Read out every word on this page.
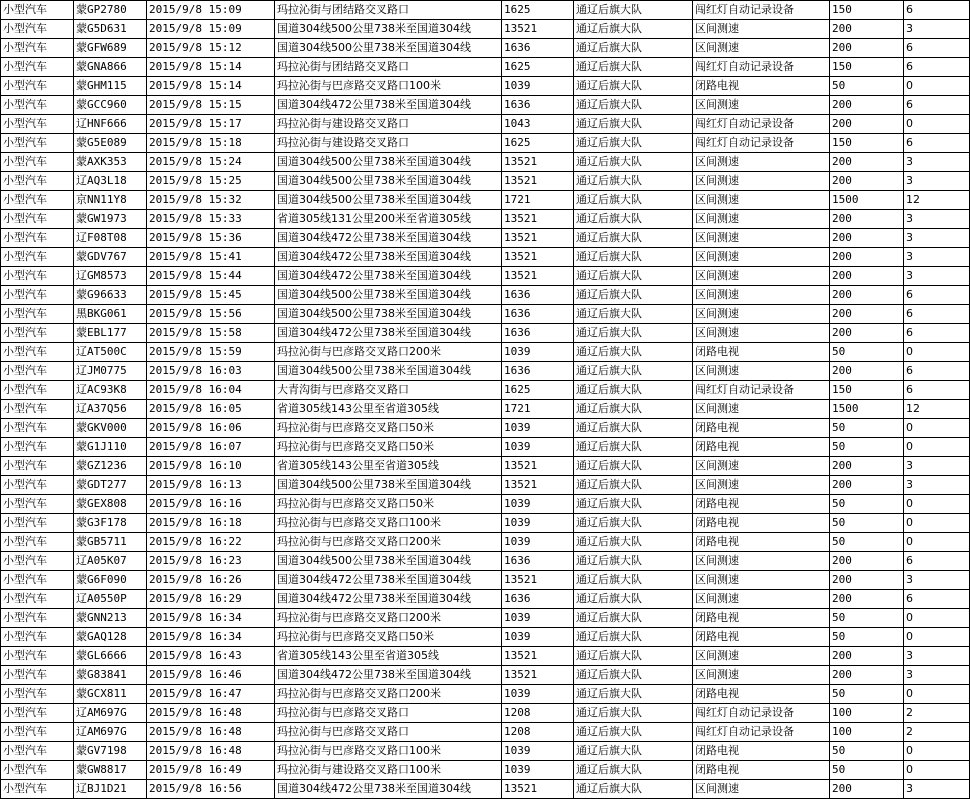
小型汽车	蒙GP2780	2015/9/8 15:09	玛拉沁街与团结路交叉路口	1625	通辽后旗大队	闯红灯自动记录设备	150	6
小型汽车	蒙G5D631	2015/9/8 15:09	国道304线500公里738米至国道304线	13521	通辽后旗大队	区间测速	200	3
小型汽车	蒙GFW689	2015/9/8 15:12	国道304线500公里738米至国道304线	1636	通辽后旗大队	区间测速	200	6
小型汽车	蒙GNA866	2015/9/8 15:14	玛拉沁街与团结路交叉路口	1625	通辽后旗大队	闯红灯自动记录设备	150	6
小型汽车	蒙GHM115	2015/9/8 15:14	玛拉沁街与巴彦路交叉路口100米	1039	通辽后旗大队	闭路电视	50	0
小型汽车	蒙GCC960	2015/9/8 15:15	国道304线472公里738米至国道304线	1636	通辽后旗大队	区间测速	200	6
小型汽车	辽HNF666	2015/9/8 15:17	玛拉沁街与建设路交叉路口	1043	通辽后旗大队	闯红灯自动记录设备	200	0
小型汽车	蒙G5E089	2015/9/8 15:18	玛拉沁街与建设路交叉路口	1625	通辽后旗大队	闯红灯自动记录设备	150	6
小型汽车	蒙AXK353	2015/9/8 15:24	国道304线500公里738米至国道304线	13521	通辽后旗大队	区间测速	200	3
小型汽车	辽AQ3L18	2015/9/8 15:25	国道304线500公里738米至国道304线	13521	通辽后旗大队	区间测速	200	3
小型汽车	京NN11Y8	2015/9/8 15:32	国道304线500公里738米至国道304线	1721	通辽后旗大队	区间测速	1500	12
小型汽车	蒙GW1973	2015/9/8 15:33	省道305线131公里200米至省道305线	13521	通辽后旗大队	区间测速	200	3
小型汽车	辽F08T08	2015/9/8 15:36	国道304线472公里738米至国道304线	13521	通辽后旗大队	区间测速	200	3
小型汽车	蒙GDV767	2015/9/8 15:41	国道304线472公里738米至国道304线	13521	通辽后旗大队	区间测速	200	3
小型汽车	辽GM8573	2015/9/8 15:44	国道304线472公里738米至国道304线	13521	通辽后旗大队	区间测速	200	3
小型汽车	蒙G96633	2015/9/8 15:45	国道304线500公里738米至国道304线	1636	通辽后旗大队	区间测速	200	6
小型汽车	黑BKG061	2015/9/8 15:56	国道304线500公里738米至国道304线	1636	通辽后旗大队	区间测速	200	6
小型汽车	蒙EBL177	2015/9/8 15:58	国道304线472公里738米至国道304线	1636	通辽后旗大队	区间测速	200	6
小型汽车	辽AT500C	2015/9/8 15:59	玛拉沁街与巴彦路交叉路口200米	1039	通辽后旗大队	闭路电视	50	0
小型汽车	辽JM0775	2015/9/8 16:03	国道304线500公里738米至国道304线	1636	通辽后旗大队	区间测速	200	6
小型汽车	辽AC93K8	2015/9/8 16:04	大青沟街与巴彦路交叉路口	1625	通辽后旗大队	闯红灯自动记录设备	150	6
小型汽车	辽A37Q56	2015/9/8 16:05	省道305线143公里至省道305线	1721	通辽后旗大队	区间测速	1500	12
小型汽车	蒙GKV000	2015/9/8 16:06	玛拉沁街与巴彦路交叉路口50米	1039	通辽后旗大队	闭路电视	50	0
小型汽车	蒙G1J110	2015/9/8 16:07	玛拉沁街与巴彦路交叉路口50米	1039	通辽后旗大队	闭路电视	50	0
小型汽车	蒙GZ1236	2015/9/8 16:10	省道305线143公里至省道305线	13521	通辽后旗大队	区间测速	200	3
小型汽车	蒙GDT277	2015/9/8 16:13	国道304线500公里738米至国道304线	13521	通辽后旗大队	区间测速	200	3
小型汽车	蒙GEX808	2015/9/8 16:16	玛拉沁街与巴彦路交叉路口50米	1039	通辽后旗大队	闭路电视	50	0
小型汽车	蒙G3F178	2015/9/8 16:18	玛拉沁街与巴彦路交叉路口100米	1039	通辽后旗大队	闭路电视	50	0
小型汽车	蒙GB5711	2015/9/8 16:22	玛拉沁街与巴彦路交叉路口200米	1039	通辽后旗大队	闭路电视	50	0
小型汽车	辽A05K07	2015/9/8 16:23	国道304线500公里738米至国道304线	1636	通辽后旗大队	区间测速	200	6
小型汽车	蒙G6F090	2015/9/8 16:26	国道304线472公里738米至国道304线	13521	通辽后旗大队	区间测速	200	3
小型汽车	辽A0550P	2015/9/8 16:29	国道304线472公里738米至国道304线	1636	通辽后旗大队	区间测速	200	6
小型汽车	蒙GNN213	2015/9/8 16:34	玛拉沁街与巴彦路交叉路口200米	1039	通辽后旗大队	闭路电视	50	0
小型汽车	蒙GAQ128	2015/9/8 16:34	玛拉沁街与巴彦路交叉路口50米	1039	通辽后旗大队	闭路电视	50	0
小型汽车	蒙GL6666	2015/9/8 16:43	省道305线143公里至省道305线	13521	通辽后旗大队	区间测速	200	3
小型汽车	蒙G83841	2015/9/8 16:46	国道304线472公里738米至国道304线	13521	通辽后旗大队	区间测速	200	3
小型汽车	蒙GCX811	2015/9/8 16:47	玛拉沁街与巴彦路交叉路口200米	1039	通辽后旗大队	闭路电视	50	0
小型汽车	辽AM697G	2015/9/8 16:48	玛拉沁街与巴彦路交叉路口	1208	通辽后旗大队	闯红灯自动记录设备	100	2
小型汽车	辽AM697G	2015/9/8 16:48	玛拉沁街与巴彦路交叉路口	1208	通辽后旗大队	闯红灯自动记录设备	100	2
小型汽车	蒙GV7198	2015/9/8 16:48	玛拉沁街与巴彦路交叉路口100米	1039	通辽后旗大队	闭路电视	50	0
小型汽车	蒙GW8817	2015/9/8 16:49	玛拉沁街与建设路交叉路口100米	1039	通辽后旗大队	闭路电视	50	0
小型汽车	辽BJ1D21	2015/9/8 16:56	国道304线472公里738米至国道304线	13521	通辽后旗大队	区间测速	200	3
